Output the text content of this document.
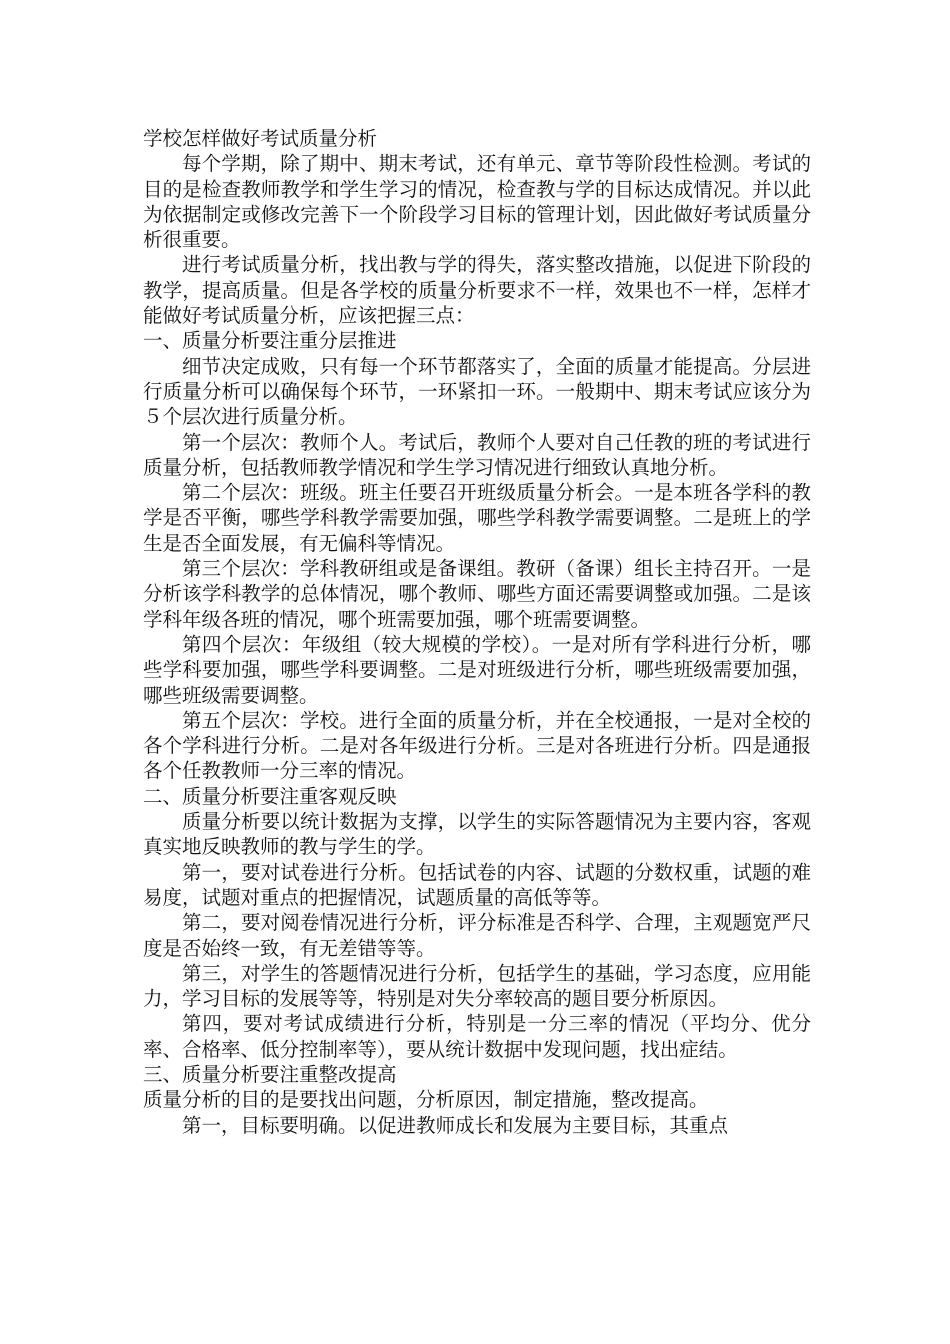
学校怎样做好考试质量分析

每个学期，除了期中、期末考试，还有单元、章节等阶段性检测。考试的目的是检查教师教学和学生学习的情况，检查教与学的目标达成情况。并以此为依据制定或修改完善下一个阶段学习目标的管理计划，因此做好考试质量分析很重要。

进行考试质量分析，找出教与学的得失，落实整改措施，以促进下阶段的教学，提高质量。但是各学校的质量分析要求不一样，效果也不一样，怎样才能做好考试质量分析，应该把握三点：

一、质量分析要注重分层推进

细节决定成败，只有每一个环节都落实了，全面的质量才能提高。分层进行质量分析可以确保每个环节，一环紧扣一环。一般期中、期末考试应该分为５个层次进行质量分析。

第一个层次：教师个人。考试后，教师个人要对自己任教的班的考试进行质量分析，包括教师教学情况和学生学习情况进行细致认真地分析。

第二个层次：班级。班主任要召开班级质量分析会。一是本班各学科的教学是否平衡，哪些学科教学需要加强，哪些学科教学需要调整。二是班上的学生是否全面发展，有无偏科等情况。

第三个层次：学科教研组或是备课组。教研（备课）组长主持召开。一是分析该学科教学的总体情况，哪个教师、哪些方面还需要调整或加强。二是该学科年级各班的情况，哪个班需要加强，哪个班需要调整。

第四个层次：年级组（较大规模的学校）。一是对所有学科进行分析，哪些学科要加强，哪些学科要调整。二是对班级进行分析，哪些班级需要加强，哪些班级需要调整。

第五个层次：学校。进行全面的质量分析，并在全校通报，一是对全校的各个学科进行分析。二是对各年级进行分析。三是对各班进行分析。四是通报各个任教教师一分三率的情况。

二、质量分析要注重客观反映

质量分析要以统计数据为支撑，以学生的实际答题情况为主要内容，客观真实地反映教师的教与学生的学。

第一，要对试卷进行分析。包括试卷的内容、试题的分数权重，试题的难易度，试题对重点的把握情况，试题质量的高低等等。

第二，要对阅卷情况进行分析，评分标准是否科学、合理，主观题宽严尺度是否始终一致，有无差错等等。

第三，对学生的答题情况进行分析，包括学生的基础，学习态度，应用能力，学习目标的发展等等，特别是对失分率较高的题目要分析原因。

第四，要对考试成绩进行分析，特别是一分三率的情况（平均分、优分率、合格率、低分控制率等），要从统计数据中发现问题，找出症结。

三、质量分析要注重整改提高

质量分析的目的是要找出问题，分析原因，制定措施，整改提高。

第一，目标要明确。以促进教师成长和发展为主要目标，其重点
